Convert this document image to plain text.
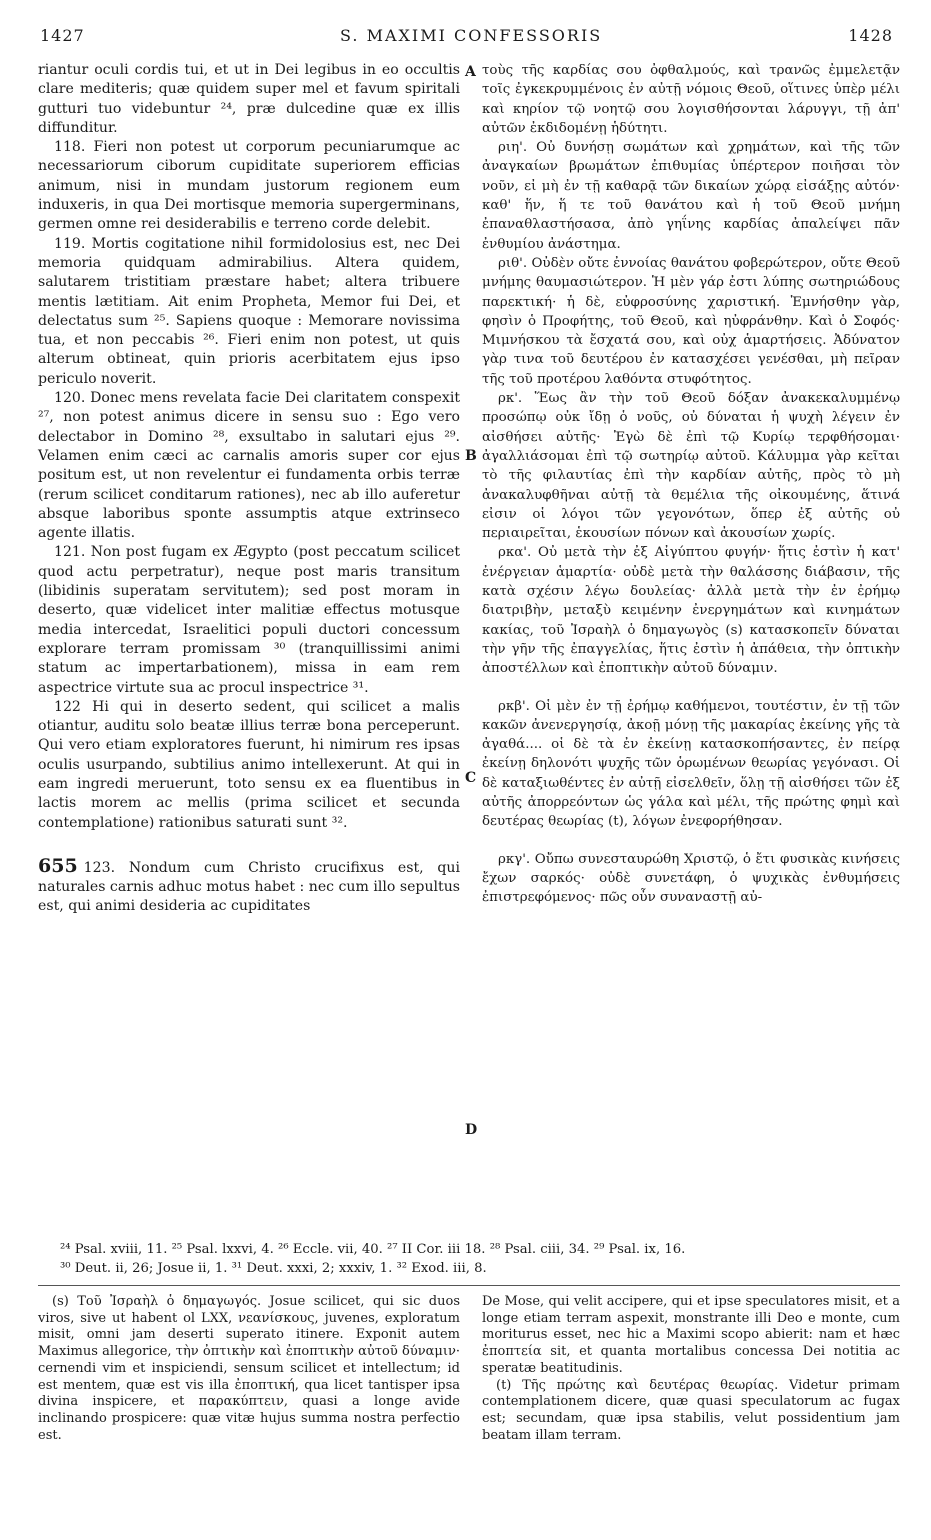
1427	S. MAXIMI CONFESSORIS	1428
A
B
C
D

riantur oculi cordis tui, et ut in Dei legibus in eo occultis clare mediteris; quæ quidem super mel et favum spiritali gutturi tuo videbuntur ²⁴, præ dulcedine quæ ex illis diffunditur.

118. Fieri non potest ut corporum pecuniarumque ac necessariorum ciborum cupiditate superiorem efficias animum, nisi in mundam justorum regionem eum induxeris, in qua Dei mortisque memoria supergerminans, germen omne rei desiderabilis e terreno corde delebit.

119. Mortis cogitatione nihil formidolosius est, nec Dei memoria quidquam admirabilius. Altera quidem, salutarem tristitiam præstare habet; altera tribuere mentis lætitiam. Ait enim Propheta, Memor fui Dei, et delectatus sum ²⁵. Sapiens quoque : Memorare novissima tua, et non peccabis ²⁶. Fieri enim non potest, ut quis alterum obtineat, quin prioris acerbitatem ejus ipso periculo noverit.

120. Donec mens revelata facie Dei claritatem conspexit ²⁷, non potest animus dicere in sensu suo : Ego vero delectabor in Domino ²⁸, exsultabo in salutari ejus ²⁹. Velamen enim cæci ac carnalis amoris super cor ejus positum est, ut non revelentur ei fundamenta orbis terræ (rerum scilicet conditarum rationes), nec ab illo auferetur absque laboribus sponte assumptis atque extrinseco agente illatis.

121. Non post fugam ex Ægypto (post peccatum scilicet quod actu perpetratur), neque post maris transitum (libidinis superatam servitutem); sed post moram in deserto, quæ videlicet inter malitiæ effectus motusque media intercedat, Israelitici populi ductori concessum explorare terram promissam ³⁰ (tranquillissimi animi statum ac impertarbationem), missa in eam rem aspectrice virtute sua ac procul inspectrice ³¹.

122 Hi qui in deserto sedent, qui scilicet a malis otiantur, auditu solo beatæ illius terræ bona perceperunt. Qui vero etiam exploratores fuerunt, hi nimirum res ipsas oculis usurpando, subtilius animo intellexerunt. At qui in eam ingredi meruerunt, toto sensu ex ea fluentibus in lactis morem ac mellis (prima scilicet et secunda contemplatione) rationibus saturati sunt ³².

655 123. Nondum cum Christo crucifixus est, qui naturales carnis adhuc motus habet : nec cum illo sepultus est, qui animi desideria ac cupiditates

τοὺς τῆς καρδίας σου ὀφθαλμούς, καὶ τρανῶς ἐμμελετᾷν τοῖς ἐγκεκρυμμένοις ἐν αὐτῇ νόμοις Θεοῦ, οἵτινες ὑπὲρ μέλι καὶ κηρίον τῷ νοητῷ σου λογισθήσονται λάρυγγι, τῇ ἀπ' αὐτῶν ἐκδιδομένῃ ἡδύτητι.

ριη'. Οὐ δυνήσῃ σωμάτων καὶ χρημάτων, καὶ τῆς τῶν ἀναγκαίων βρωμάτων ἐπιθυμίας ὑπέρτερον ποιῆσαι τὸν νοῦν, εἰ μὴ ἐν τῇ καθαρᾷ τῶν δικαίων χώρᾳ εἰσάξῃς αὐτόν· καθ' ἥν, ἥ τε τοῦ θανάτου καὶ ἡ τοῦ Θεοῦ μνήμη ἐπαναθλαστήσασα, ἀπὸ γηΐνης καρδίας ἀπαλείψει πᾶν ἐνθυμίου ἀνάστημα.

ριθ'. Οὐδὲν οὔτε ἐννοίας θανάτου φοβερώτερον, οὔτε Θεοῦ μνήμης θαυμασιώτερον. Ἡ μὲν γάρ ἐστι λύπης σωτηριώδους παρεκτική· ἡ δὲ, εὐφροσύνης χαριστική. Ἐμνήσθην γὰρ, φησὶν ὁ Προφήτης, τοῦ Θεοῦ, καὶ ηὐφράνθην. Καὶ ὁ Σοφός· Μιμνήσκου τὰ ἔσχατά σου, καὶ οὐχ ἁμαρτήσεις. Ἀδύνατον γὰρ τινα τοῦ δευτέρου ἐν κατασχέσει γενέσθαι, μὴ πεῖραν τῆς τοῦ προτέρου λαθόντα στυφότητος.

ρκ'. Ἕως ἂν τὴν τοῦ Θεοῦ δόξαν ἀνακεκαλυμμένῳ προσώπῳ οὐκ ἴδῃ ὁ νοῦς, οὐ δύναται ἡ ψυχὴ λέγειν ἐν αἰσθήσει αὐτῆς· Ἐγὼ δὲ ἐπὶ τῷ Κυρίῳ τερφθήσομαι· ἀγαλλιάσομαι ἐπὶ τῷ σωτηρίῳ αὐτοῦ. Κάλυμμα γὰρ κεῖται τὸ τῆς φιλαυτίας ἐπὶ τὴν καρδίαν αὐτῆς, πρὸς τὸ μὴ ἀνακαλυφθῆναι αὐτῇ τὰ θεμέλια τῆς οἰκουμένης, ἅτινά εἰσιν οἱ λόγοι τῶν γεγονότων, ὅπερ ἐξ αὐτῆς οὐ περιαιρεῖται, ἑκουσίων πόνων καὶ ἀκουσίων χωρίς.

ρκα'. Οὐ μετὰ τὴν ἐξ Αἰγύπτου φυγήν· ἥτις ἐστὶν ἡ κατ' ἐνέργειαν ἁμαρτία· οὐδὲ μετὰ τὴν θαλάσσης διάβασιν, τῆς κατὰ σχέσιν λέγω δουλείας· ἀλλὰ μετὰ τὴν ἐν ἐρήμῳ διατριβὴν, μεταξὺ κειμένην ἐνεργημάτων καὶ κινημάτων κακίας, τοῦ Ἰσραὴλ ὁ δημαγωγὸς (s) κατασκοπεῖν δύναται τὴν γῆν τῆς ἐπαγγελίας, ἥτις ἐστὶν ἡ ἀπάθεια, τὴν ὀπτικὴν ἀποστέλλων καὶ ἐποπτικὴν αὐτοῦ δύναμιν.

ρκβ'. Οἱ μὲν ἐν τῇ ἐρήμῳ καθήμενοι, τουτέστιν, ἐν τῇ τῶν κακῶν ἀνενεργησίᾳ, ἀκοῇ μόνῃ τῆς μακαρίας ἐκείνης γῆς τὰ ἀγαθά.... οἱ δὲ τὰ ἐν ἐκείνῃ κατασκοπήσαντες, ἐν πείρᾳ ἐκείνῃ δηλονότι ψυχῆς τῶν ὁρωμένων θεωρίας γεγόνασι. Οἱ δὲ καταξιωθέντες ἐν αὐτῇ εἰσελθεῖν, ὅλῃ τῇ αἰσθήσει τῶν ἐξ αὐτῆς ἀπορρεόντων ὡς γάλα καὶ μέλι, τῆς πρώτης φημὶ καὶ δευτέρας θεωρίας (t), λόγων ἐνεφορήθησαν.

ρκγ'. Οὔπω συνεσταυρώθη Χριστῷ, ὁ ἔτι φυσικὰς κινήσεις ἔχων σαρκός· οὐδὲ συνετάφη, ὁ ψυχικὰς ἐνθυμήσεις ἐπιστρεφόμενος· πῶς οὖν συναναστῇ αὐ-

²⁴ Psal. xviii, 11. ²⁵ Psal. lxxvi, 4. ²⁶ Eccle. vii, 40. ²⁷ II Cor. iii 18. ²⁸ Psal. ciii, 34. ²⁹ Psal. ix, 16.

³⁰ Deut. ii, 26; Josue ii, 1. ³¹ Deut. xxxi, 2; xxxiv, 1. ³² Exod. iii, 8.

(s) Τοῦ Ἰσραὴλ ὁ δημαγωγός. Josue scilicet, qui sic duos viros, sive ut habent ol LXX, νεανίσκους, juvenes, exploratum misit, omni jam deserti superato itinere. Exponit autem Maximus allegorice, τὴν ὀπτικὴν καὶ ἐποπτικὴν αὐτοῦ δύναμιν· cernendi vim et inspiciendi, sensum scilicet et intellectum; id est mentem, quæ est vis illa ἐποπτική, qua licet tantisper ipsa divina inspicere, et παρακύπτειν, quasi a longe avide inclinando prospicere: quæ vitæ hujus summa nostra perfectio est.

De Mose, qui velit accipere, qui et ipse speculatores misit, et a longe etiam terram aspexit, monstrante illi Deo e monte, cum moriturus esset, nec hic a Maximi scopo abierit: nam et hæc ἐποπτεία sit, et quanta mortalibus concessa Dei notitia ac speratæ beatitudinis.

(t) Τῆς πρώτης καὶ δευτέρας θεωρίας. Videtur primam contemplationem dicere, quæ quasi speculatorum ac fugax est; secundam, quæ ipsa stabilis, velut possidentium jam beatam illam terram.
